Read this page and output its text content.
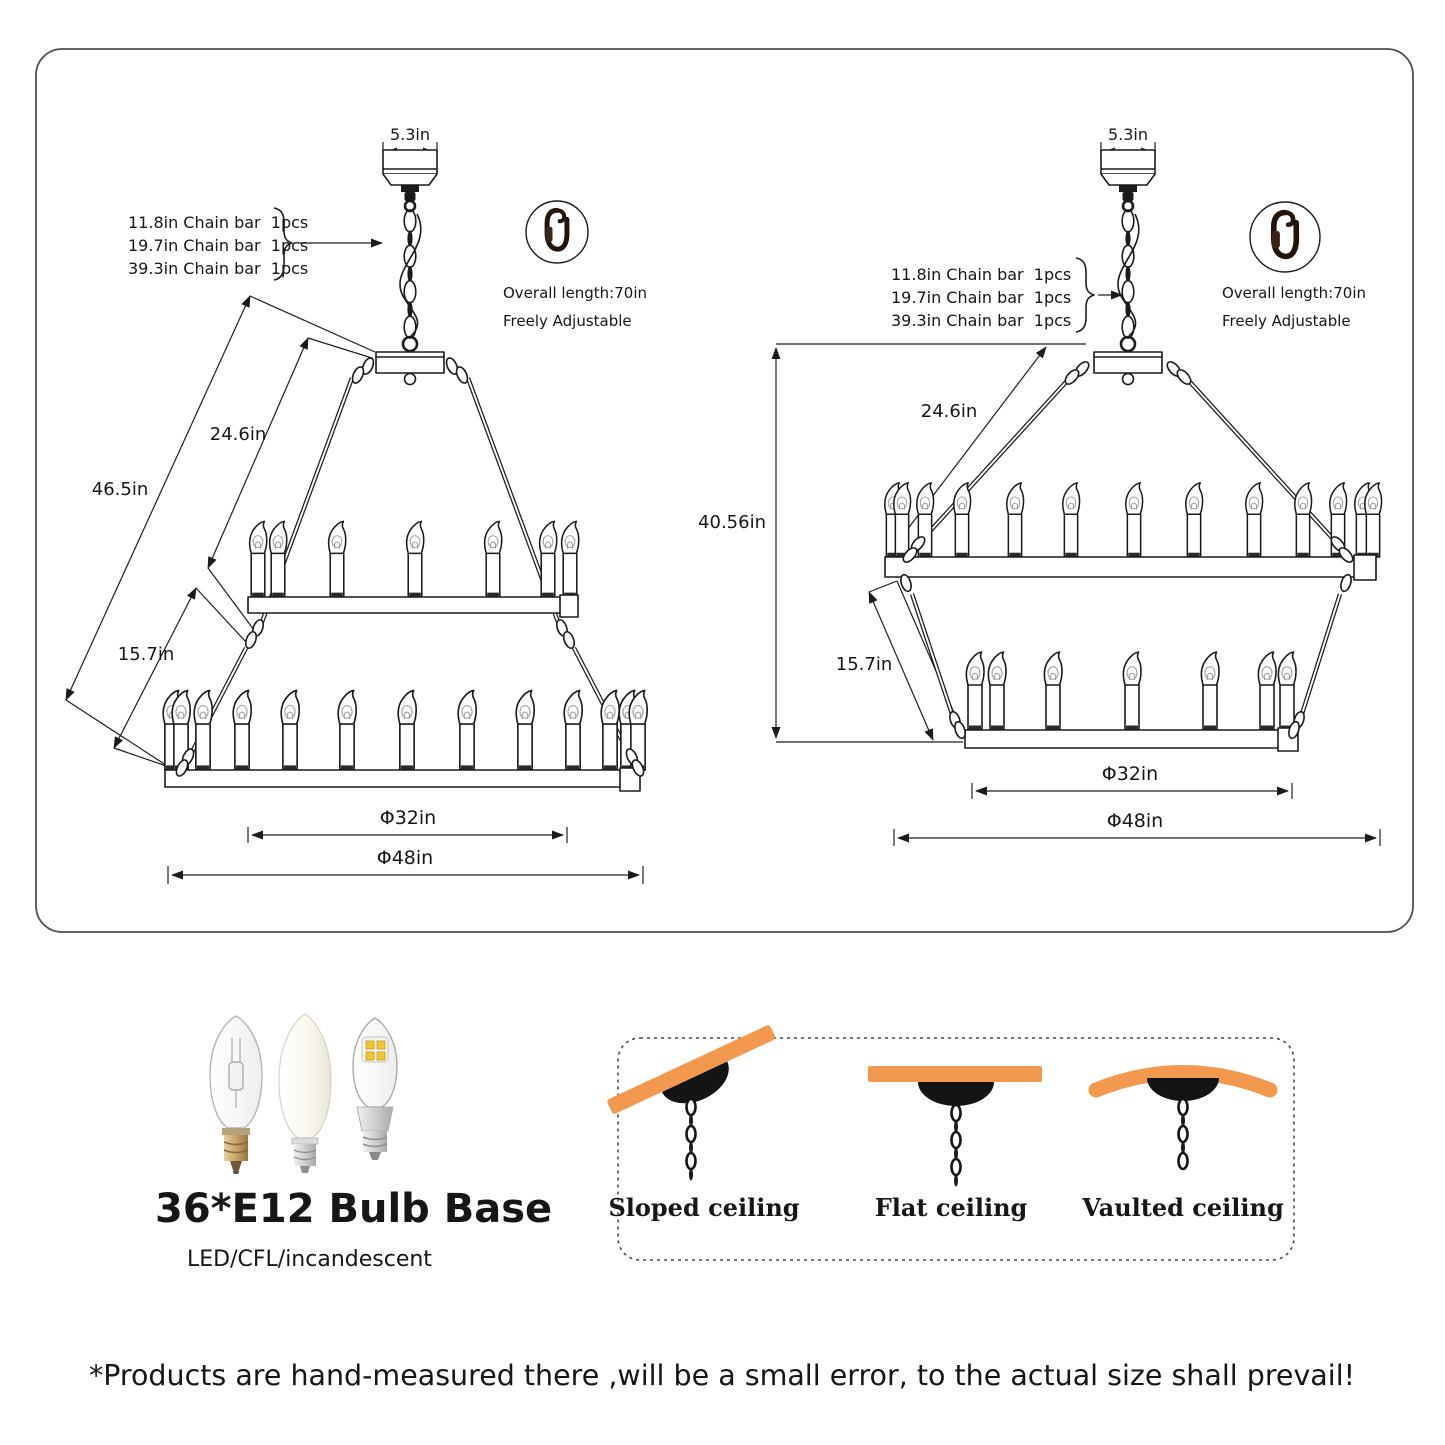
5.3in
11.8in Chain bar  1pcs
19.7in Chain bar  1pcs
39.3in Chain bar  1pcs
Overall length:70in
Freely Adjustable
46.5in
24.6in
15.7in
Φ32in
Φ48in
5.3in
11.8in Chain bar  1pcs
19.7in Chain bar  1pcs
39.3in Chain bar  1pcs
Overall length:70in
Freely Adjustable
40.56in
24.6in
15.7in
Φ32in
Φ48in
36*E12 Bulb Base
LED/CFL/incandescent
Sloped ceiling	Flat ceiling Vaulted ceiling
*Products are hand-measured there ,will be a small error, to the actual size shall prevail!
